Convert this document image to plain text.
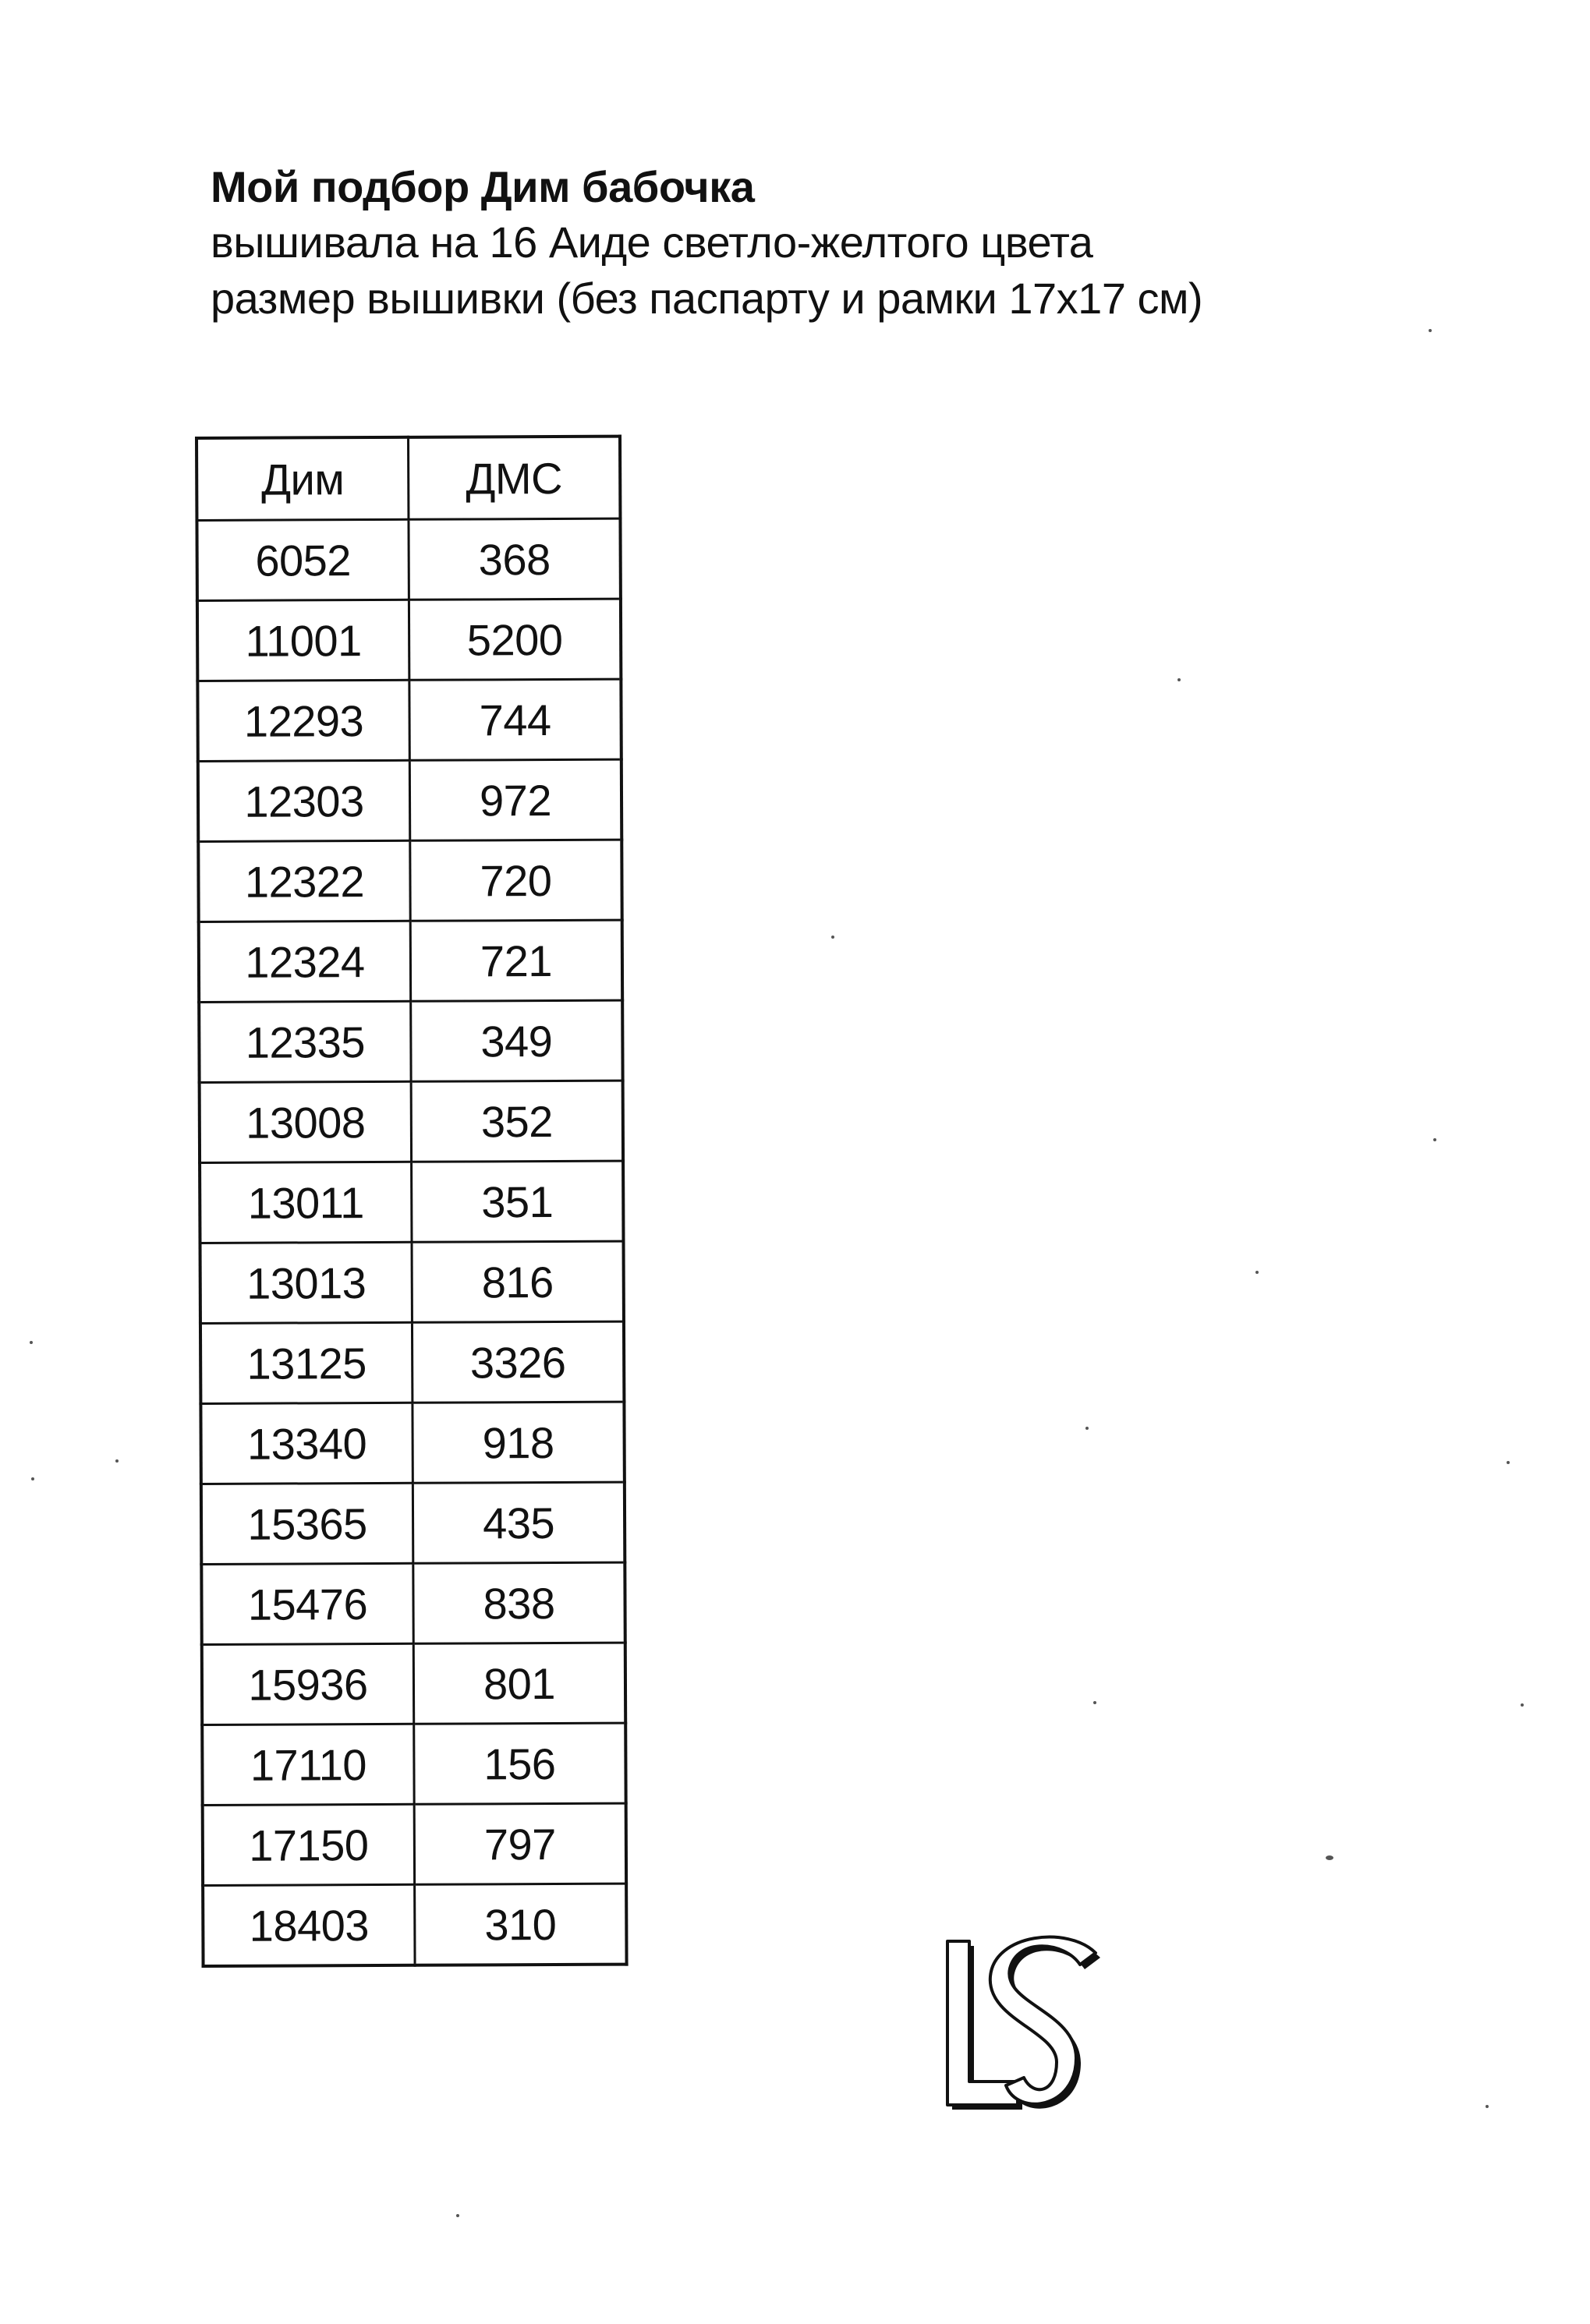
Мой подбор Дим бабочка

вышивала на 16 Аиде светло-желтого цвета

размер вышивки (без паспарту и рамки 17х17 см)

Дим	ДМС
6052	368
11001	5200
12293	744
12303	972
12322	720
12324	721
12335	349
13008	352
13011	351
13013	816
13125	3326
13340	918
15365	435
15476	838
15936	801
17110	156
17150	797
18403	310
